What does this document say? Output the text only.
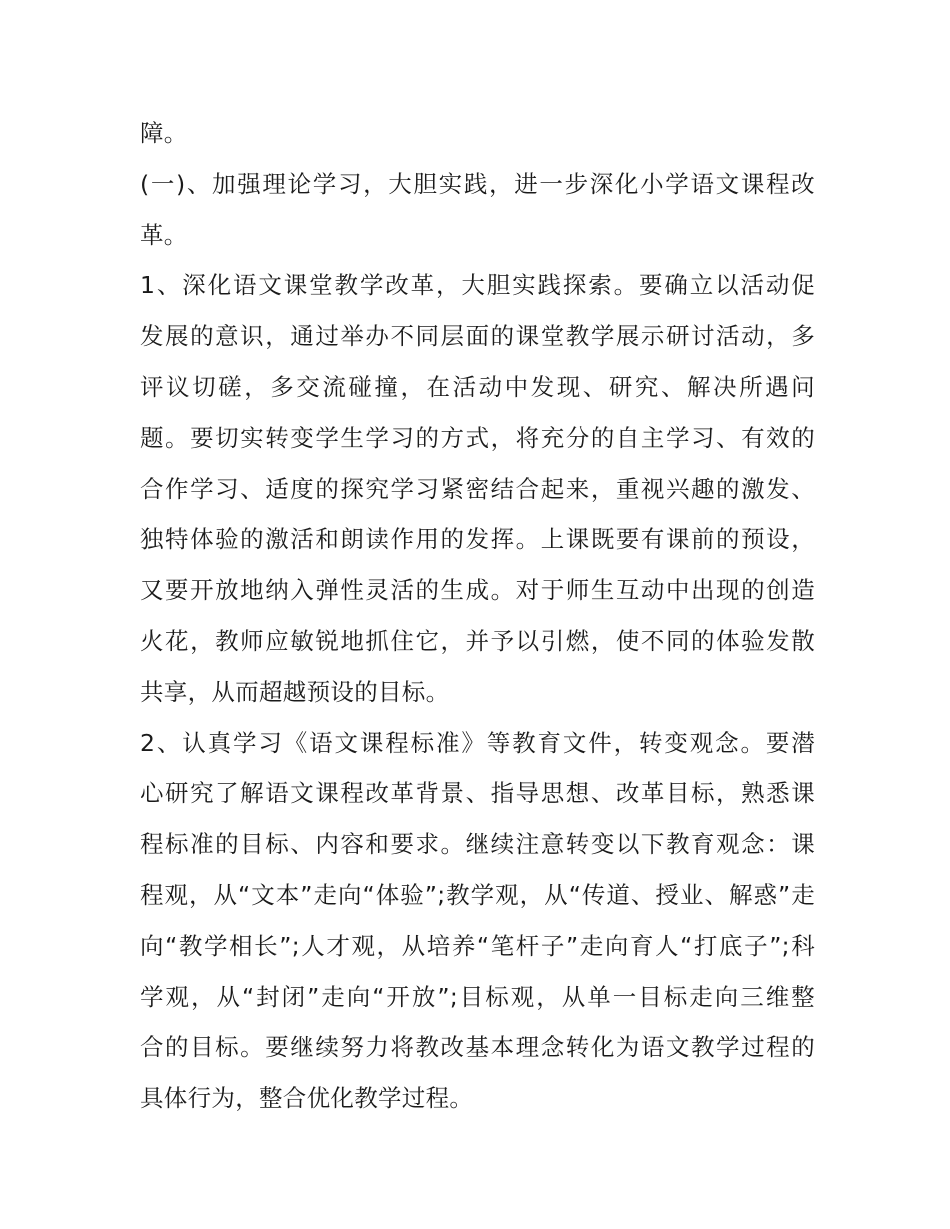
障。
(一)、加强理论学习，大胆实践，进一步深化小学语文课程改
革。
1、深化语文课堂教学改革，大胆实践探索。要确立以活动促
发展的意识，通过举办不同层面的课堂教学展示研讨活动，多
评议切磋，多交流碰撞，在活动中发现、研究、解决所遇问
题。要切实转变学生学习的方式，将充分的自主学习、有效的
合作学习、适度的探究学习紧密结合起来，重视兴趣的激发、
独特体验的激活和朗读作用的发挥。上课既要有课前的预设，
又要开放地纳入弹性灵活的生成。对于师生互动中出现的创造
火花，教师应敏锐地抓住它，并予以引燃，使不同的体验发散
共享，从而超越预设的目标。
2、认真学习《语文课程标准》等教育文件，转变观念。要潜
心研究了解语文课程改革背景、指导思想、改革目标，熟悉课
程标准的目标、内容和要求。继续注意转变以下教育观念：课
程观，从“文本”走向“体验”;教学观，从“传道、授业、解惑”走
向“教学相长”;人才观，从培养“笔杆子”走向育人“打底子”;科
学观，从“封闭”走向“开放”;目标观，从单一目标走向三维整
合的目标。要继续努力将教改基本理念转化为语文教学过程的
具体行为，整合优化教学过程。
